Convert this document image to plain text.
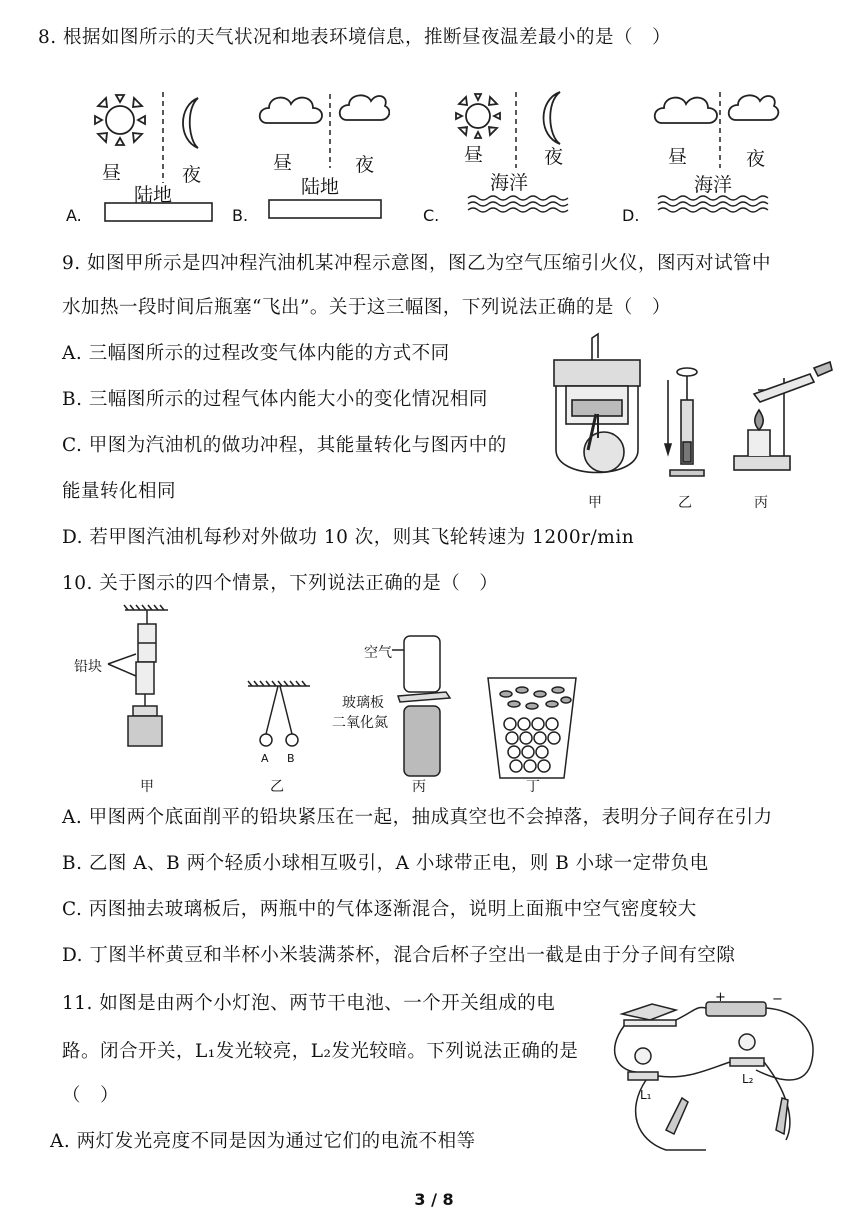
8. 根据如图所示的天气状况和地表环境信息，推断昼夜温差最小的是（　）
昼	夜
陆地
A.
昼	夜
陆地
B.
昼	夜
海洋
C.
昼	夜
海洋
D.
9. 如图甲所示是四冲程汽油机某冲程示意图，图乙为空气压缩引火仪，图丙对试管中
水加热一段时间后瓶塞“飞出”。关于这三幅图，下列说法正确的是（　）
A. 三幅图所示的过程改变气体内能的方式不同
B. 三幅图所示的过程气体内能大小的变化情况相同
C. 甲图为汽油机的做功冲程，其能量转化与图丙中的
能量转化相同
D. 若甲图汽油机每秒对外做功 10 次，则其飞轮转速为 1200r/min
甲	乙	丙
10. 关于图示的四个情景，下列说法正确的是（　）
铅块
A B
空气
玻璃板
二氧化氮
甲	乙	丙	丁
A. 甲图两个底面削平的铅块紧压在一起，抽成真空也不会掉落，表明分子间存在引力
B. 乙图 A、B 两个轻质小球相互吸引，A 小球带正电，则 B 小球一定带负电
C. 丙图抽去玻璃板后，两瓶中的气体逐渐混合，说明上面瓶中空气密度较大
D. 丁图半杯黄豆和半杯小米装满茶杯，混合后杯子空出一截是由于分子间有空隙
11. 如图是由两个小灯泡、两节干电池、一个开关组成的电
路。闭合开关，L₁发光较亮，L₂发光较暗。下列说法正确的是
（　）
A. 两灯发光亮度不同是因为通过它们的电流不相等
+	−
L₁
L₂
3 / 8
